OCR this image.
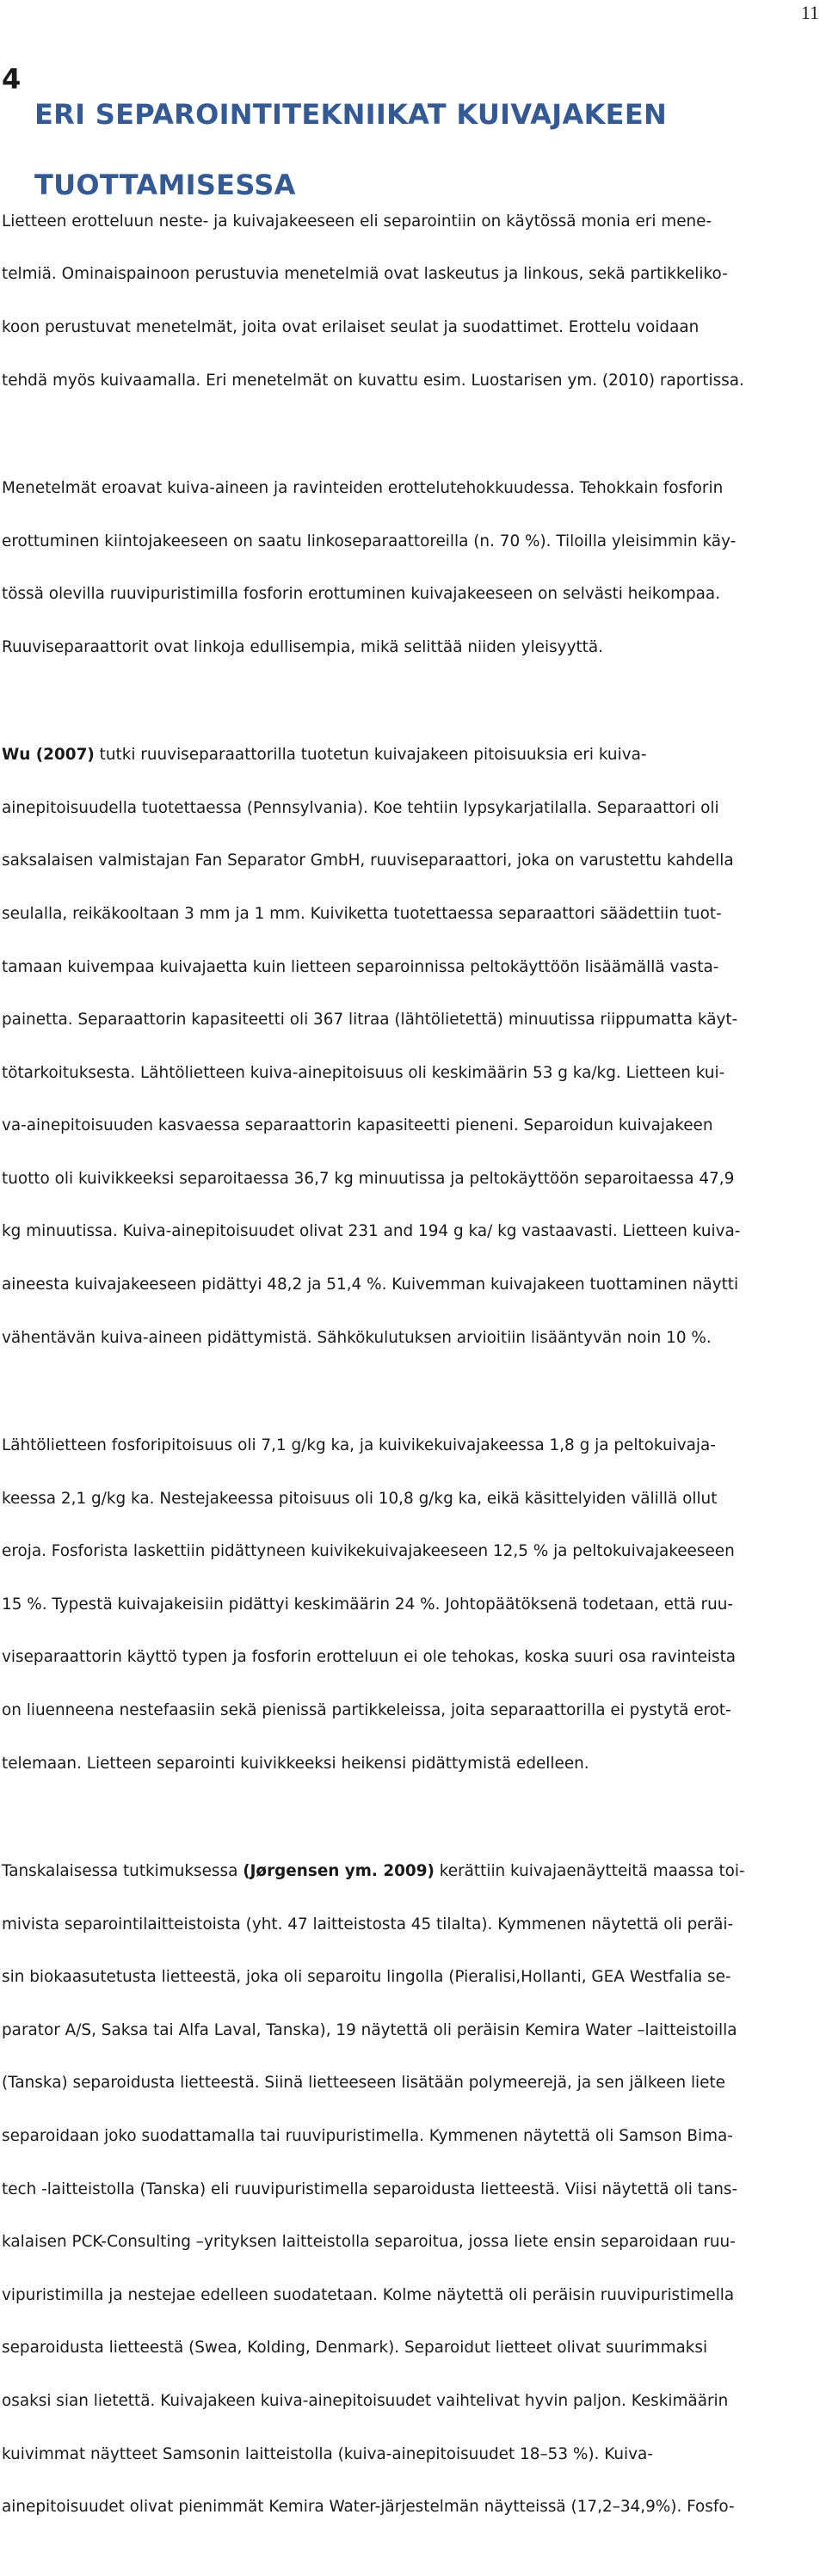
11
4

ERI SEPAROINTITEKNIIKAT KUIVAJAKEEN

TUOTTAMISESSA

Lietteen erotteluun neste- ja kuivajakeeseen eli separointiin on käytössä monia eri mene-

telmiä. Ominaispainoon perustuvia menetelmiä ovat laskeutus ja linkous, sekä partikkeliko-

koon perustuvat menetelmät, joita ovat erilaiset seulat ja suodattimet. Erottelu voidaan

tehdä myös kuivaamalla. Eri menetelmät on kuvattu esim. Luostarisen ym. (2010) raportissa.

Menetelmät eroavat kuiva-aineen ja ravinteiden erottelutehokkuudessa. Tehokkain fosforin

erottuminen kiintojakeeseen on saatu linkoseparaattoreilla (n. 70 %). Tiloilla yleisimmin käy-

tössä olevilla ruuvipuristimilla fosforin erottuminen kuivajakeeseen on selvästi heikompaa.

Ruuviseparaattorit ovat linkoja edullisempia, mikä selittää niiden yleisyyttä.

Wu (2007) tutki ruuviseparaattorilla tuotetun kuivajakeen pitoisuuksia eri kuiva-

ainepitoisuudella tuotettaessa (Pennsylvania). Koe tehtiin lypsykarjatilalla. Separaattori oli

saksalaisen valmistajan Fan Separator GmbH, ruuviseparaattori, joka on varustettu kahdella

seulalla, reikäkooltaan 3 mm ja 1 mm. Kuiviketta tuotettaessa separaattori säädettiin tuot-

tamaan kuivempaa kuivajaetta kuin lietteen separoinnissa peltokäyttöön lisäämällä vasta-

painetta. Separaattorin kapasiteetti oli 367 litraa (lähtölietettä) minuutissa riippumatta käyt-

tötarkoituksesta. Lähtölietteen kuiva-ainepitoisuus oli keskimäärin 53 g ka/kg. Lietteen kui-

va-ainepitoisuuden kasvaessa separaattorin kapasiteetti pieneni. Separoidun kuivajakeen

tuotto oli kuivikkeeksi separoitaessa 36,7 kg minuutissa ja peltokäyttöön separoitaessa 47,9

kg minuutissa. Kuiva-ainepitoisuudet olivat 231 and 194 g ka/ kg vastaavasti. Lietteen kuiva-

aineesta kuivajakeeseen pidättyi 48,2 ja 51,4 %. Kuivemman kuivajakeen tuottaminen näytti

vähentävän kuiva-aineen pidättymistä. Sähkökulutuksen arvioitiin lisääntyvän noin 10 %.

Lähtölietteen fosforipitoisuus oli 7,1 g/kg ka, ja kuivikekuivajakeessa 1,8 g ja peltokuivaja-

keessa 2,1 g/kg ka. Nestejakeessa pitoisuus oli 10,8 g/kg ka, eikä käsittelyiden välillä ollut

eroja. Fosforista laskettiin pidättyneen kuivikekuivajakeeseen 12,5 % ja peltokuivajakeeseen

15 %. Typestä kuivajakeisiin pidättyi keskimäärin 24 %. Johtopäätöksenä todetaan, että ruu-

viseparaattorin käyttö typen ja fosforin erotteluun ei ole tehokas, koska suuri osa ravinteista

on liuenneena nestefaasiin sekä pienissä partikkeleissa, joita separaattorilla ei pystytä erot-

telemaan. Lietteen separointi kuivikkeeksi heikensi pidättymistä edelleen.

Tanskalaisessa tutkimuksessa (Jørgensen ym. 2009) kerättiin kuivajaenäytteitä maassa toi-

mivista separointilaitteistoista (yht. 47 laitteistosta 45 tilalta). Kymmenen näytettä oli peräi-

sin biokaasutetusta lietteestä, joka oli separoitu lingolla (Pieralisi,Hollanti, GEA Westfalia se-

parator A/S, Saksa tai Alfa Laval, Tanska), 19 näytettä oli peräisin Kemira Water –laitteistoilla

(Tanska) separoidusta lietteestä. Siinä lietteeseen lisätään polymeerejä, ja sen jälkeen liete

separoidaan joko suodattamalla tai ruuvipuristimella. Kymmenen näytettä oli Samson Bima-

tech -laitteistolla (Tanska) eli ruuvipuristimella separoidusta lietteestä. Viisi näytettä oli tans-

kalaisen PCK-Consulting –yrityksen laitteistolla separoitua, jossa liete ensin separoidaan ruu-

vipuristimilla ja nestejae edelleen suodatetaan. Kolme näytettä oli peräisin ruuvipuristimella

separoidusta lietteestä (Swea, Kolding, Denmark). Separoidut lietteet olivat suurimmaksi

osaksi sian lietettä. Kuivajakeen kuiva-ainepitoisuudet vaihtelivat hyvin paljon. Keskimäärin

kuivimmat näytteet Samsonin laitteistolla (kuiva-ainepitoisuudet 18–53 %). Kuiva-

ainepitoisuudet olivat pienimmät Kemira Water-järjestelmän näytteissä (17,2–34,9%). Fosfo-
